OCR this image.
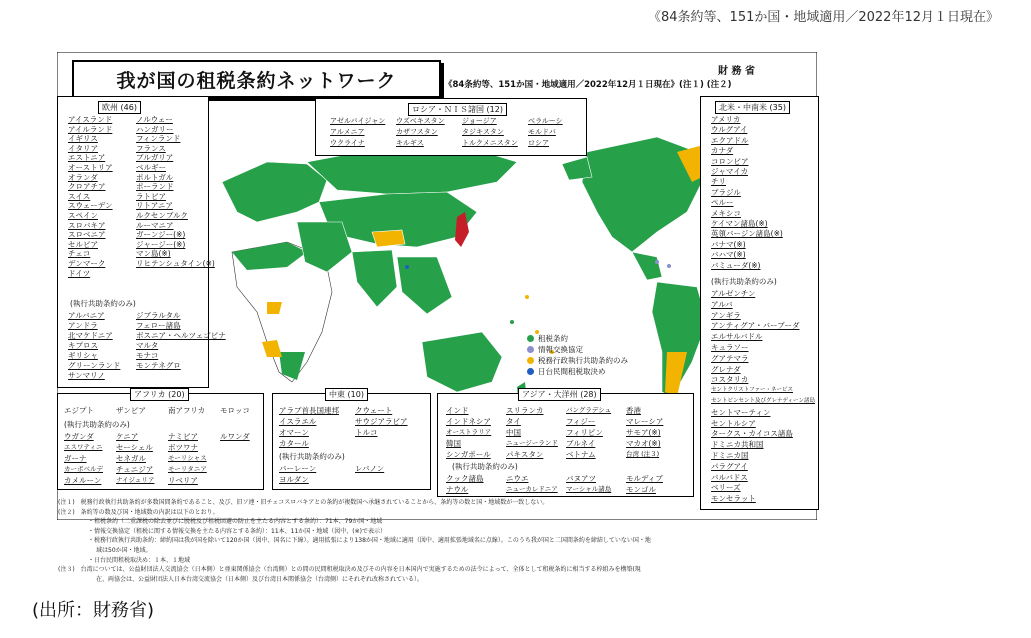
《84条約等、151か国・地域適用／2022年12月１日現在》
我が国の租税条約ネットワーク	《84条約等、151か国・地域適用／2022年12月１日現在》(注１) (注２)
財 務 省
租税条約
情報交換協定
税務行政執行共助条約のみ
日台民間租税取決め
欧州 (46)
アイスランド
アイルランド
イギリス
イタリア
エストニア
オーストリア
オランダ
クロアチア
スイス
スウェーデン
スペイン
スロバキア
スロベニア
セルビア
チェコ
デンマーク
ドイツ
ノルウェー
ハンガリー
フィンランド
フランス
ブルガリア
ベルギー
ポルトガル
ポーランド
ラトビア
リトアニア
ルクセンブルク
ルーマニア
ガーンジー(※)
ジャージー(※)
マン島(※)
リヒテンシュタイン(※)
(執行共助条約のみ)
アルバニア
アンドラ
北マケドニア
キプロス
ギリシャ
グリーンランド
サンマリノ
ジブラルタル
フェロー諸島
ボスニア・ヘルツェゴビナ
マルタ
モナコ
モンテネグロ
ロシア・ＮＩＳ諸国 (12)
アゼルバイジャン ウズベキスタン ジョージア	ベラルーシ
アルメニア	カザフスタン	タジキスタン	モルドバ
ウクライナ	キルギス	トルクメニスタン ロシア
北米・中南米 (35)
アメリカ
ウルグアイ
エクアドル
カナダ
コロンビア
ジャマイカ
チリ
ブラジル
ペルー
メキシコ
ケイマン諸島(※)
英領バージン諸島(※)
バナマ(※)
バハマ(※)
バミューダ(※)
(執行共助条約のみ)
アルゼンチン
アルバ
アンギラ
アンティグア・バーブーダ
エルサルバドル
キュラソー
グアテマラ
グレナダ
コスタリカ
セントクリストファー・ネービス
セントビンセント及びグレナディーン諸島
セントマーティン
セントルシア
タークス・カイコス諸島
ドミニカ共和国
ドミニカ国
パラグアイ
バルバドス
ベリーズ
モンセラット
アフリカ (20)
エジプト	ザンビア	南アフリカ モロッコ
(執行共助条約のみ)
ウガンダ	ケニア	ナミビア	ルワンダ
エスワティニ セーシェル ボツワナ
ガーナ	セネガル	モーリシャス
カーボベルデ チュニジア モーリタニア
カメルーン ナイジェリア リベリア
中東 (10)
アラブ首長国連邦 クウェート
イスラエル	サウジアラビア
オマーン	トルコ
カタール
(執行共助条約のみ)
バーレーン	レバノン
ヨルダン
アジア・大洋州 (28)
インド	スリランカ	バングラデシュ 香港
インドネシア タイ	フィジー	マレーシア
オーストラリア 中国	フィリピン	サモア(※)
韓国	ニュージーランド ブルネイ	マカオ(※)
シンガポール パキスタン	ベトナム	台湾 (注３)
(執行共助条約のみ)
クック諸島	ニウエ	バヌアツ	モルディブ
ナウル	ニューカレドニア マーシャル諸島 モンゴル
(注１)　税務行政執行共助条約が多数国間条約であること、及び、旧ソ連・旧チェコスロバキアとの条約が複数国へ承継されていることから、条約等の数と国・地域数が一致しない。
(注２)　条約等の数及び国・地域数の内訳は以下のとおり。
・租税条約（二重課税の除去並びに脱税及び租税回避の防止を主たる内容とする条約）：71本、79か国・地域
・情報交換協定（租税に関する情報交換を主たる内容とする条約）：11本、11か国・地域（図中、(※)で表示）
・税務行政執行共助条約：締約国は我が国を除いて120か国（図中、国名に下線）。適用拡張により138か国・地域に適用（図中、適用拡張地域名に点線）。このうち我が国と二国間条約を締結していない国・地
　域は50か国・地域。
・日台民間租税取決め：１本、１地域
(注３)　台湾については、公益財団法人交流協会（日本側）と亜東関係協会（台湾側）との間の民間租税取決め及びその内容を日本国内で実施するための法令によって、全体として租税条約に相当する枠組みを構築(現
　在、両協会は、公益財団法人日本台湾交流協会（日本側）及び台湾日本関係協会（台湾側）にそれぞれ改称されている）。
(出所：財務省)
